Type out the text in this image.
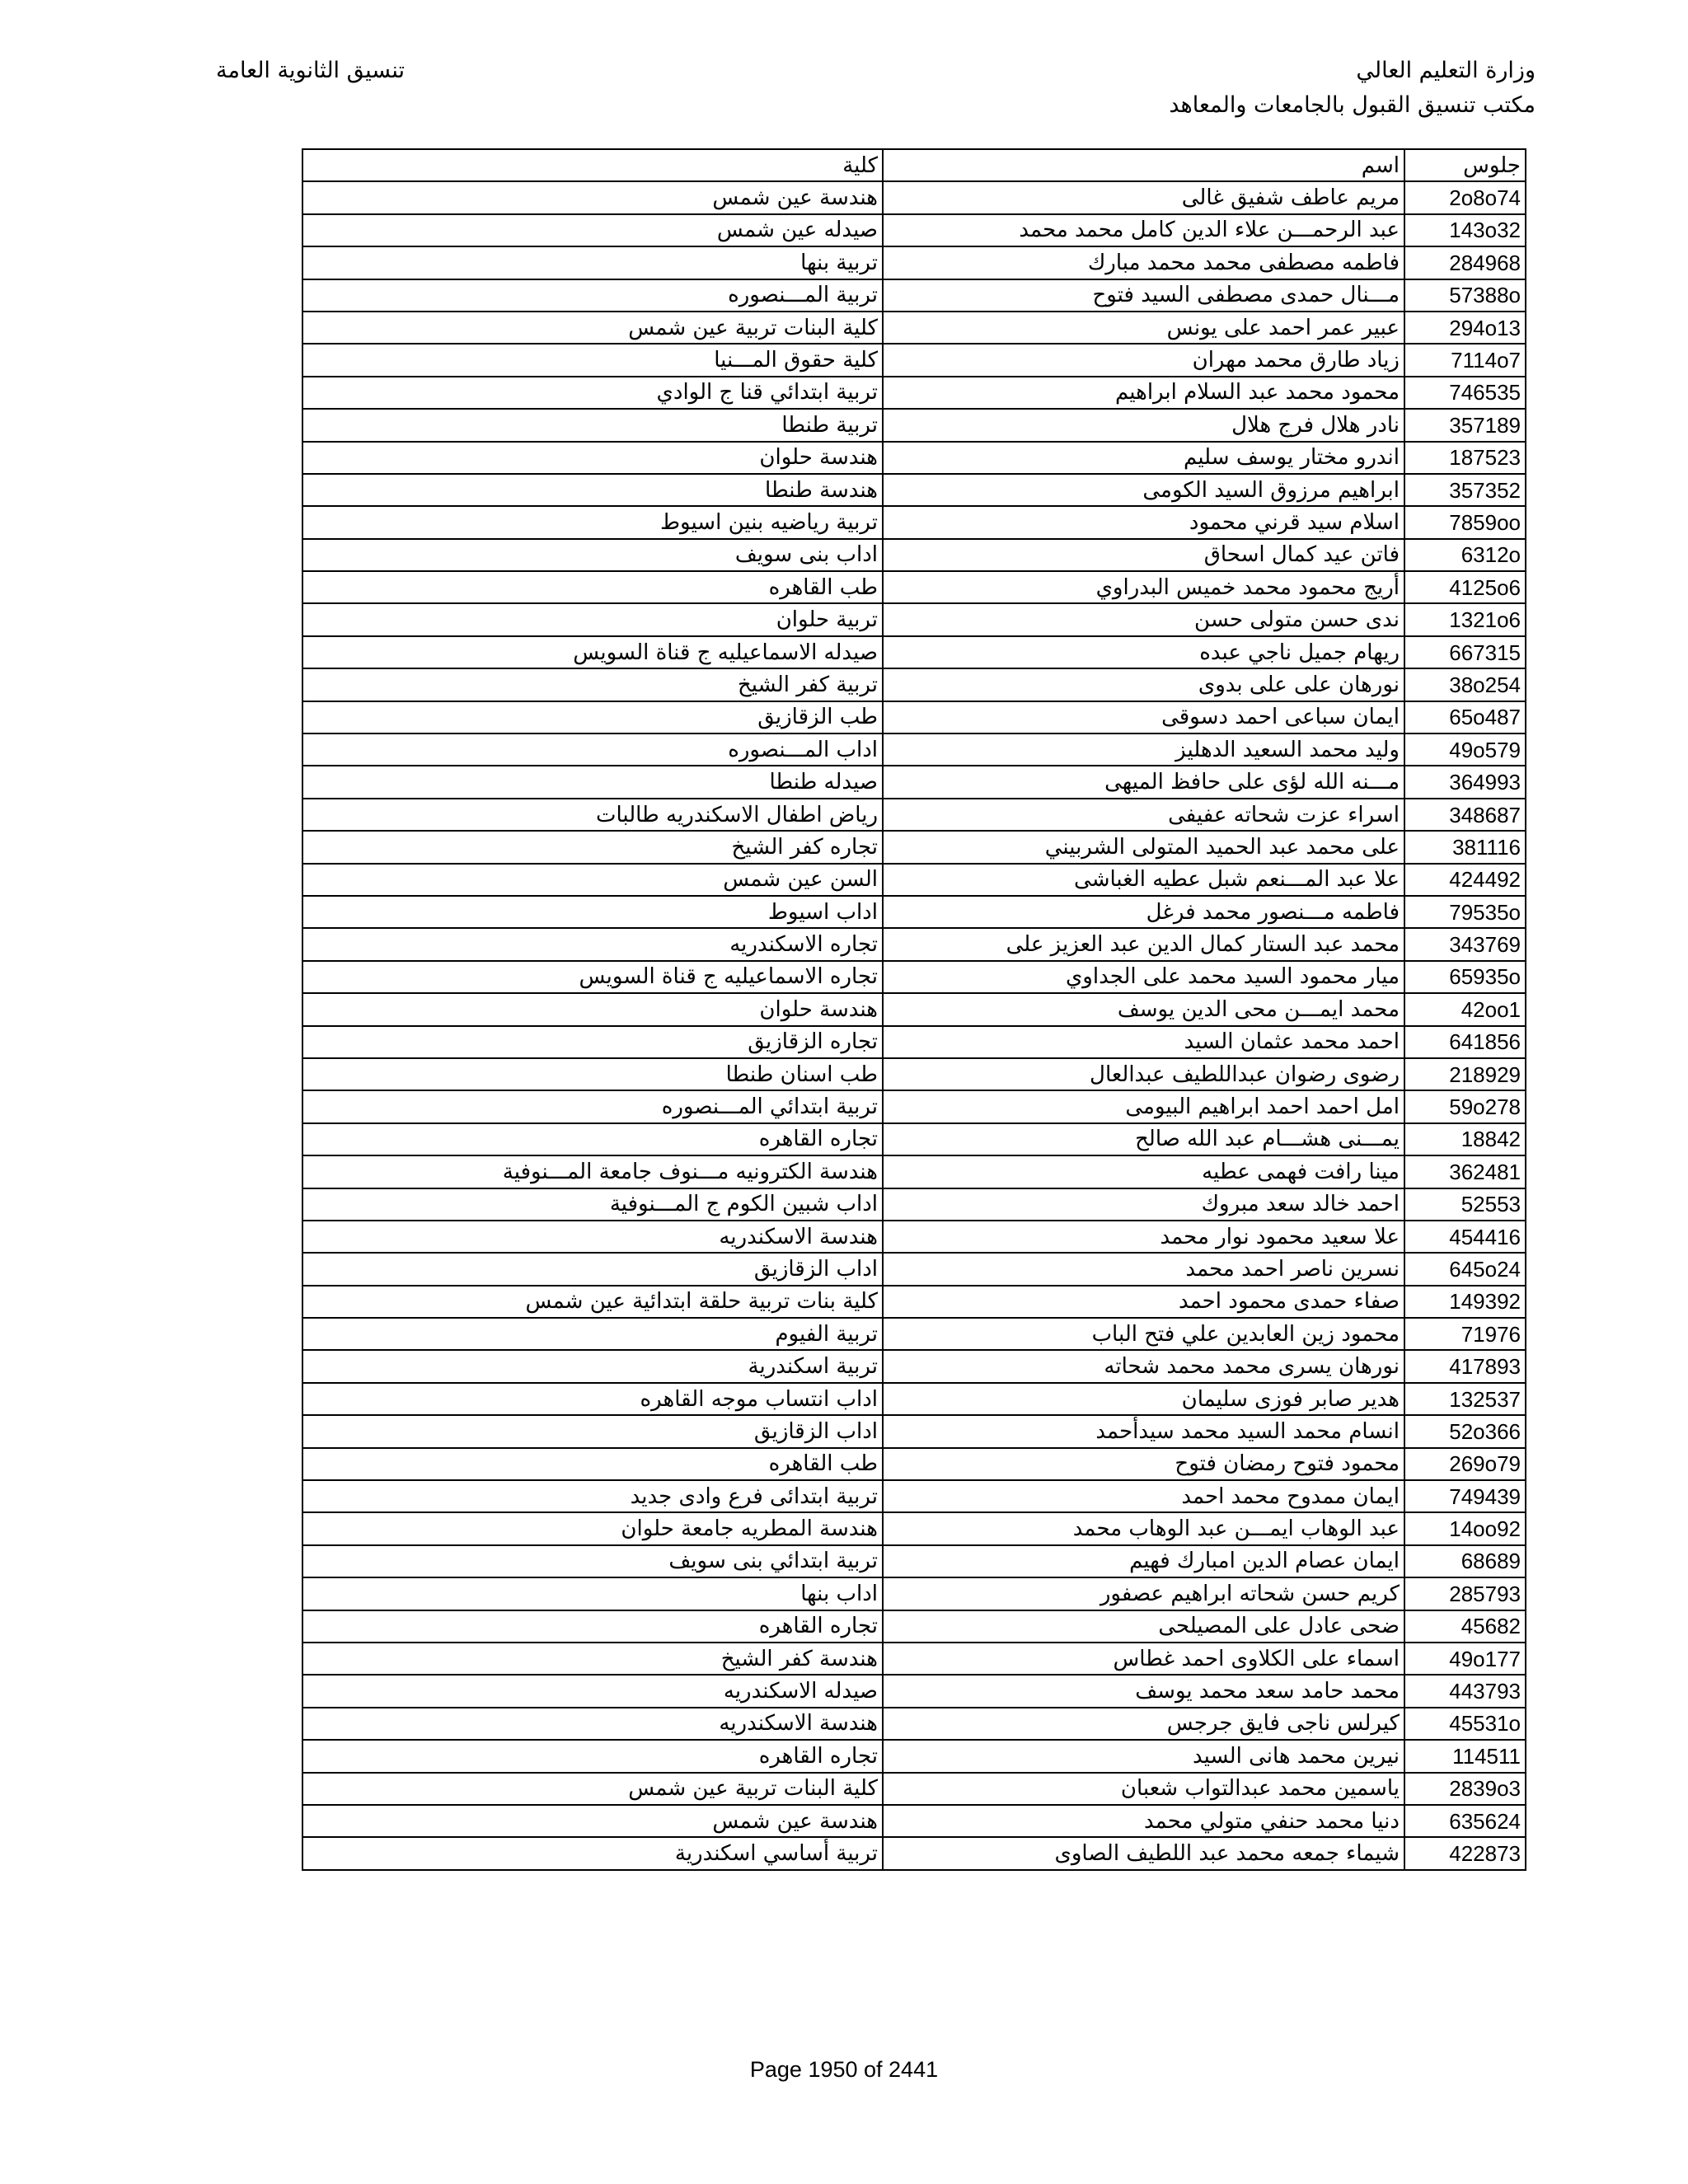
وزارة التعليم العالي
مكتب تنسيق القبول بالجامعات والمعاهد
تنسيق الثانوية العامة
جلوس	اسم	كلية
2o8o74	مريم عاطف شفيق غالى	هندسة عين شمس
143o32	عبد الرحمـــن علاء الدين كامل محمد محمد	صيدله عين شمس
284968	فاطمه مصطفى محمد محمد مبارك	تربية بنها
57388o	مـــنال حمدى مصطفى السيد فتوح	تربية المـــنصوره
294o13	عبير عمر احمد على يونس	كلية البنات تربية عين شمس
7114o7	زياد طارق محمد مهران	كلية حقوق المـــنيا
746535	محمود محمد عبد السلام ابراهيم	تربية ابتدائي قنا ج الوادي
357189	نادر هلال فرج هلال	تربية طنطا
187523	اندرو مختار يوسف سليم	هندسة حلوان
357352	ابراهيم مرزوق السيد الكومى	هندسة طنطا
7859oo	اسلام سيد قرني محمود	تربية رياضيه بنين اسيوط
6312o	فاتن عيد كمال اسحاق	اداب بنى سويف
4125o6	أريج محمود محمد خميس البدراوي	طب القاهره
1321o6	ندى حسن متولى حسن	تربية حلوان
667315	ريهام جميل ناجي عبده	صيدله الاسماعيليه ج قناة السويس
38o254	نورهان على على بدوى	تربية كفر الشيخ
65o487	ايمان سباعى احمد دسوقى	طب الزقازيق
49o579	وليد محمد السعيد الدهليز	اداب المـــنصوره
364993	مـــنه الله لؤى على حافظ الميهى	صيدله طنطا
348687	اسراء عزت شحاته عفيفى	رياض اطفال الاسكندريه طالبات
381116	على محمد عبد الحميد المتولى الشربيني	تجاره كفر الشيخ
424492	علا عبد المـــنعم شبل عطيه الغباشى	السن عين شمس
79535o	فاطمه مـــنصور محمد فرغل	اداب اسيوط
343769	محمد عبد الستار كمال الدين عبد العزيز على	تجاره الاسكندريه
65935o	ميار محمود السيد محمد على الجداوي	تجاره الاسماعيليه ج قناة السويس
42oo1	محمد ايمـــن محى الدين يوسف	هندسة حلوان
641856	احمد محمد عثمان السيد	تجاره الزقازيق
218929	رضوى رضوان عبداللطيف عبدالعال	طب اسنان طنطا
59o278	امل احمد احمد ابراهيم البيومى	تربية ابتدائي المـــنصوره
18842	يمـــنى هشـــام عبد الله صالح	تجاره القاهره
362481	مينا رافت فهمى عطيه	هندسة الكترونيه مـــنوف جامعة المـــنوفية
52553	احمد خالد سعد مبروك	اداب شبين الكوم ج المـــنوفية
454416	علا سعيد محمود نوار محمد	هندسة الاسكندريه
645o24	نسرين ناصر احمد محمد	اداب الزقازيق
149392	صفاء حمدى محمود احمد	كلية بنات تربية حلقة ابتدائية عين شمس
71976	محمود زين العابدين علي فتح الباب	تربية الفيوم
417893	نورهان يسرى محمد محمد شحاته	تربية اسكندرية
132537	هدير صابر فوزى سليمان	اداب انتساب موجه القاهره
52o366	انسام محمد السيد محمد سيدأحمد	اداب الزقازيق
269o79	محمود فتوح رمضان فتوح	طب القاهره
749439	ايمان ممدوح محمد احمد	تربية ابتدائى فرع وادى جديد
14oo92	عبد الوهاب ايمـــن عبد الوهاب محمد	هندسة المطريه جامعة حلوان
68689	ايمان عصام الدين امبارك فهيم	تربية ابتدائي بنى سويف
285793	كريم حسن شحاته ابراهيم عصفور	اداب بنها
45682	ضحى عادل على المصيلحى	تجاره القاهره
49o177	اسماء على الكلاوى احمد غطاس	هندسة كفر الشيخ
443793	محمد حامد سعد محمد يوسف	صيدله الاسكندريه
45531o	كيرلس ناجى فايق جرجس	هندسة الاسكندريه
114511	نيرين محمد هانى السيد	تجاره القاهره
2839o3	ياسمين محمد عبدالتواب شعبان	كلية البنات تربية عين شمس
635624	دنيا محمد حنفي متولي محمد	هندسة عين شمس
422873	شيماء جمعه محمد عبد اللطيف الصاوى	تربية أساسي اسكندرية
Page 1950 of 2441
